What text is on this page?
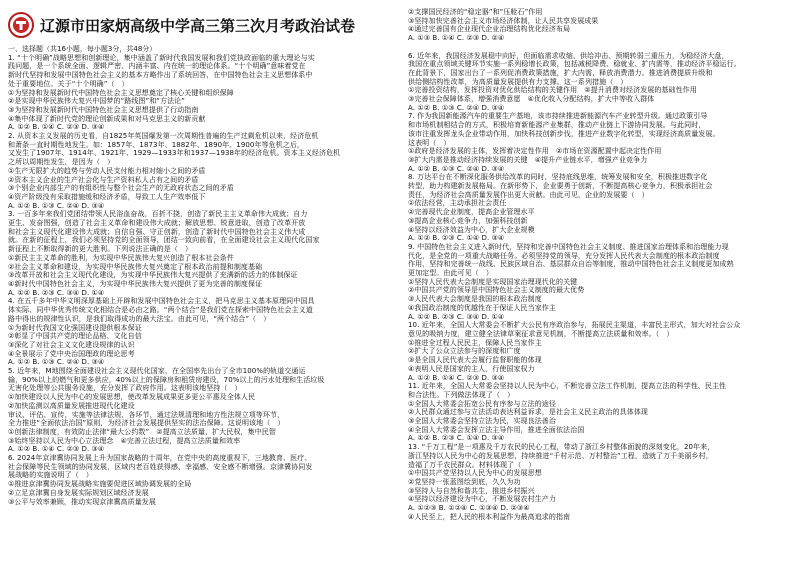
辽源市田家炳高级中学高三第三次月考政治试卷
一、选择题（共16小题，每小题3分，共48分）
1. “十个明确”战略思想和创新理论，集中涵盖了新时代我国发展和我们党执政面临的重大理论与实
践问题，是一个系统全面、逻辑严密、内涵丰富、内在统一的理论体系。“十个明确”意味着党在
新时代坚持和发展中国特色社会主义的基本方略作出了系统回答，在中国特色社会主义思想体系中
处于重要地位。关于“十个明确”（　）
①为坚持和发展新时代中国特色社会主义思想奠定了核心关键和组织保障
②是实现中华民族伟大复兴中国梦的“路线图”和“方法论”
③为坚持和发展新时代中国特色社会主义思想提供了行动指南
④集中体现了新时代党的理论创新成果和对马克思主义的新贡献
A. ①② B. ①④ C. ②③ D. ③④
2. 从资本主义发展的历史看，自1825年英国爆发第一次周期性普遍的生产过剩危机以来，经济危机
和萧条一直时期性地发生。如：1857年、1873年、1882年、1890年、1900年等危机之后，
又发生了1907年、1914年、1921年、1929—1933年和1937—1938年的经济危机。资本主义经济危机
之所以周期性发生，是因为（　）
①生产无限扩大的趋势与劳动人民支付能力相对缩小之间的矛盾
②资本主义企业的生产社会化与生产资料私人占有之间的矛盾
③个别企业内部生产的有组织性与整个社会生产的无政府状态之间的矛盾
④资产阶级没有采取措施缓和经济矛盾，导致工人生产效率低下
A. ①② B. ①③ C. ②④ D. ③④
3. 一百多年来我们党团结带领人民浴血奋战，百折不挠，创造了新民主主义革命伟大成就；自力
更生、发奋图强，创造了社会主义革命和建设伟大成就；解放思想、锐意进取，创造了改革开放
和社会主义现代化建设伟大成就；自信自强、守正创新，创造了新时代中国特色社会主义伟大成
就。在新的征程上，我们必须坚持党的全面领导，团结一致向前看，在全面建设社会主义现代化国家
新征程上不断取得新的更大胜利。下列说法正确的是（　）
①新民主主义革命的胜利，为实现中华民族伟大复兴创造了根本社会条件
②社会主义革命和建设，为实现中华民族伟大复兴奠定了根本政治前提和制度基础
③改革开放和社会主义现代化建设，为实现中华民族伟大复兴提供了充满新的活力的体制保证
④新时代中国特色社会主义，为实现中华民族伟大复兴提供了更为完善的制度保证
A. ①② B. ②③ C. ③④ D. ①④
4. 在五千多年中华文明深厚基础上开辟和发展中国特色社会主义，把马克思主义基本原理同中国具
体实际、同中华优秀传统文化相结合是必由之路。“两个结合”是我们党在探索中国特色社会主义道
路中得出的规律性认识，是我们取得成功的最大法宝。由此可见，“两个结合”（　）
①为新时代我国文化强国建设提供根本保证
②彰显了中国共产党的理论品格、文化自信
③深化了对社会主义文化建设规律的认识
④全景展示了党中央治国理政的理论思考
A. ①② B. ①③ C. ②④ D. ③④
5. 近年来，M地围绕全面建设社会主义现代化国家，在全国率先出台了全市100%的轨道交通运
输，90%以上的燃气和更多供应，40%以上的保障房和租赁房建设，70%以上的污水处理和生活垃圾
无害化处理等公共服务设施，充分发挥了政府作用。这表明该地坚持（　）
①加快建设以人民为中心的发展思想，使改革发展成果更多更公平惠及全体人民
②加快监测以高质量发展推进现代化建设
审议、评估、宣传，实施等法律法规、各环节，通过法规清理和地方性法规立项等环节，
全力推进“全面依法治国”原则，为经济社会发展提供坚实的法治保障。这说明该地（　）
①创新法律制度，有效防止法律“最大公约数”　②提高立法质量，扩大民权，集中民智
③始终坚持以人民为中心立法理念　④完善立法过程，提高立法质量和效率
A. ①② B. ①④ C. ②③ D. ③④
6. 2024年京津冀协同发展上升为国家战略的十周年，在党中央的高度重视下，三地教育、医疗、
社会保障等民生领域的协同发展，区域内老百姓获得感、幸福感、安全感不断增强。京津冀协同发
展战略的实施说明了（　）
①推进京津冀协同发展战略实施要促进区域协调发展的全局
②立足京津冀自身发展实际规划区域经济发展
③公平与效率兼顾，推动实现京津冀高质量发展
②支撑国民经济的“稳定器”和“压舱石”作用
③坚持加快完善社会主义市场经济体制，让人民共享发展成果
④通过完善国有企业现代企业治理结构优化经济布局
A. ①③ B. ①④ C. ②③ D. ②④
6. 近年来，我国经济发展稳中向好，但面临需求收缩、供给冲击、预期转弱三重压力，为稳经济大盘，
我国在重点领域关键环节实施一系列稳增长政策，包括减税降费、稳就业、扩内需等，推动经济平稳运行。
在此背景下，国家出台了一系列促消费政策措施，扩大内需，释放消费潜力。推进消费提质升级和
供给侧结构性改革，为高质量发展提供有力支撑。这一系列措施（　）
①完善投资结构，发挥投资对优化供给结构的关键作用　②提升消费对经济发展的基础性作用
③完善社会保障体系，增强消费意愿　④优化收入分配结构，扩大中等收入群体
A. ①② B. ①③ C. ②④ D. ③④
7. 作为我国新能源汽车的重要生产基地，该市持续推进新能源汽车产业转型升级。通过政策引导
和市场机制相结合的方式，积极培育新能源产业集群，推动产业链上下游协同发展。与此同时，
该市注重发挥龙头企业带动作用，加快科技创新步伐，推进产业数字化转型，实现经济高质量发展。
这表明（　）
①政府是经济发展的主体，发挥着决定性作用　②市场在资源配置中起决定性作用
③扩大内需是推动经济持续发展的关键　④提升产业链水平，增强产业竞争力
A. ①② B. ①③ C. ②④ D. ③④
8. 万达平台在不断深化服务供给改革的同时，坚持底线思维，统筹发展和安全，积极推进数字化
转型，助力构建新发展格局。在新形势下，企业要勇于创新，不断提高核心竞争力，积极承担社会
责任，为经济社会高质量发展作出更大贡献。由此可见，企业的发展要（　）
①依法经营，主动承担社会责任
②完善现代企业制度，提高企业管理水平
③提高企业核心竞争力，加强科技创新
④坚持以经济效益为中心，扩大企业规模
A. ①② B. ②③ C. ①④ D. ③④
9. 中国特色社会主义进入新时代，坚持和完善中国特色社会主义制度、推进国家治理体系和治理能力现
代化，是全党的一项重大战略任务。必须坚持党的领导，充分发挥人民代表大会制度的根本政治制度
作用，坚持和完善统一战线、民族区域自治、基层群众自治等制度，推动中国特色社会主义制度更加成熟
更加定型。由此可见（　）
①坚持人民代表大会制度是实现国家治理现代化的关键
②中国共产党的领导是中国特色社会主义制度的最大优势
③人民代表大会制度是我国的根本政治制度
④我国政治制度的优越性在于保证人民当家作主
A. ①② B. ②③ C. ③④ D. ①④
10. 近年来，全国人大常委会不断扩大公民有序政治参与，拓展民主渠道，丰富民主形式，加大对社会公众
意见的吸纳力度，建立健全法律草案征求意见机制，不断提高立法质量和效率。（　）
①推进全过程人民民主，保障人民当家作主
②扩大了公众立法参与的深度和广度
③是全国人民代表大会履行监督职能的体现
④表明人民是国家的主人，行使国家权力
A. ①② B. ①④ C. ②③ D. ③④
11. 近年来，全国人大常委会坚持以人民为中心，不断完善立法工作机制，提高立法的科学性、民主性
和合法性。下列做法体现了（　）
①全国人大常委会拓宽公民有序参与立法的途径
②人民群众通过参与立法活动表达利益诉求，是社会主义民主政治的具体体现
③全国人大常委会坚持立法为民，实现良法善治
④全国人大常委会发挥立法主导作用，推进全面依法治国
A. ①② B. ②③ C. ①④ D. ③④
13. “千万工程”是一项惠及千万农民的民心工程，带动了浙江乡村整体面貌的深刻变化，20年来，
浙江坚持以人民为中心的发展思想，持续推进“千村示范、万村整治”工程，造就了万千美丽乡村，
造福了万千农民群众。材料体现了（　）
①中国共产党坚持以人民为中心的发展思想
②党坚持一张蓝图绘到底，久久为功
③坚持人与自然和谐共生，推进乡村振兴
④坚持以经济建设为中心，不断发展农村生产力
A. ①②③ B. ①②④ C. ①③④ D. ②③④
④人民至上，把人民的根本利益作为最高追求的指南
